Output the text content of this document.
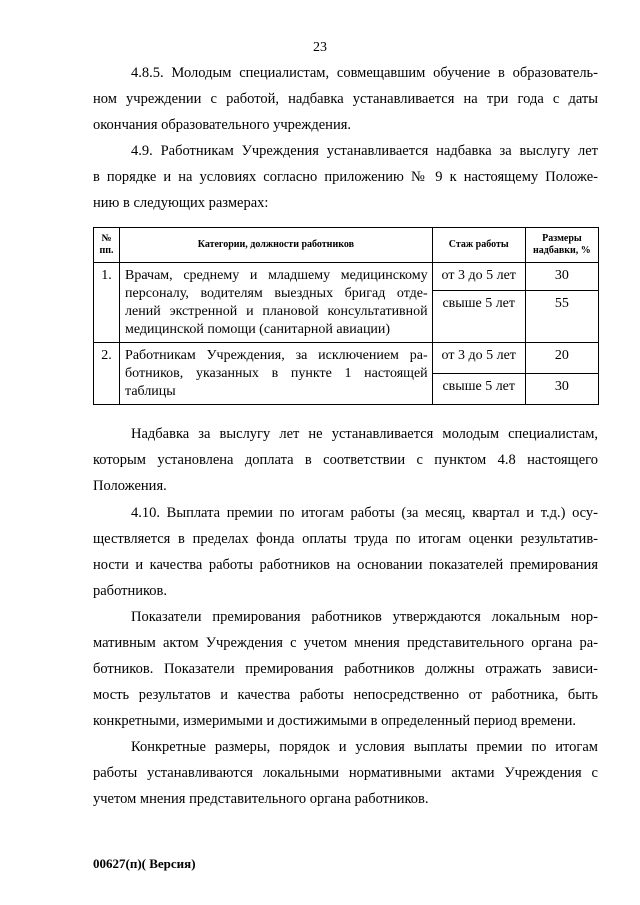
23

4.8.5. Молодым специалистам, совмещавшим обучение в образователь-
ном учреждении с работой, надбавка устанавливается на три года с даты
окончания образовательного учреждения.

4.9. Работникам Учреждения устанавливается надбавка за выслугу лет
в порядке и на условиях согласно приложению № 9 к настоящему Положе-
нию в следующих размерах:

№ пп.	Категории, должности работников	Стаж работы	Размеры надбавки, %
1.	Врачам, среднему и младшему медицинскому
персоналу, водителям выездных бригад отде-
лений экстренной и плановой консультативной
медицинской помощи (санитарной авиации)	от 3 до 5 лет	30
		свыше 5 лет	55
2.	Работникам Учреждения, за исключением ра-
ботников, указанных в пункте 1 настоящей
таблицы	от 3 до 5 лет	20
		свыше 5 лет	30

Надбавка за выслугу лет не устанавливается молодым специалистам,
которым установлена доплата в соответствии с пунктом 4.8 настоящего
Положения.

4.10. Выплата премии по итогам работы (за месяц, квартал и т.д.) осу-
ществляется в пределах фонда оплаты труда по итогам оценки результатив-
ности и качества работы работников на основании показателей премирования
работников.

Показатели премирования работников утверждаются локальным нор-
мативным актом Учреждения с учетом мнения представительного органа ра-
ботников. Показатели премирования работников должны отражать зависи-
мость результатов и качества работы непосредственно от работника, быть
конкретными, измеримыми и достижимыми в определенный период времени.

Конкретные размеры, порядок и условия выплаты премии по итогам
работы устанавливаются локальными нормативными актами Учреждения с
учетом мнения представительного органа работников.

00627(п)( Версия)
